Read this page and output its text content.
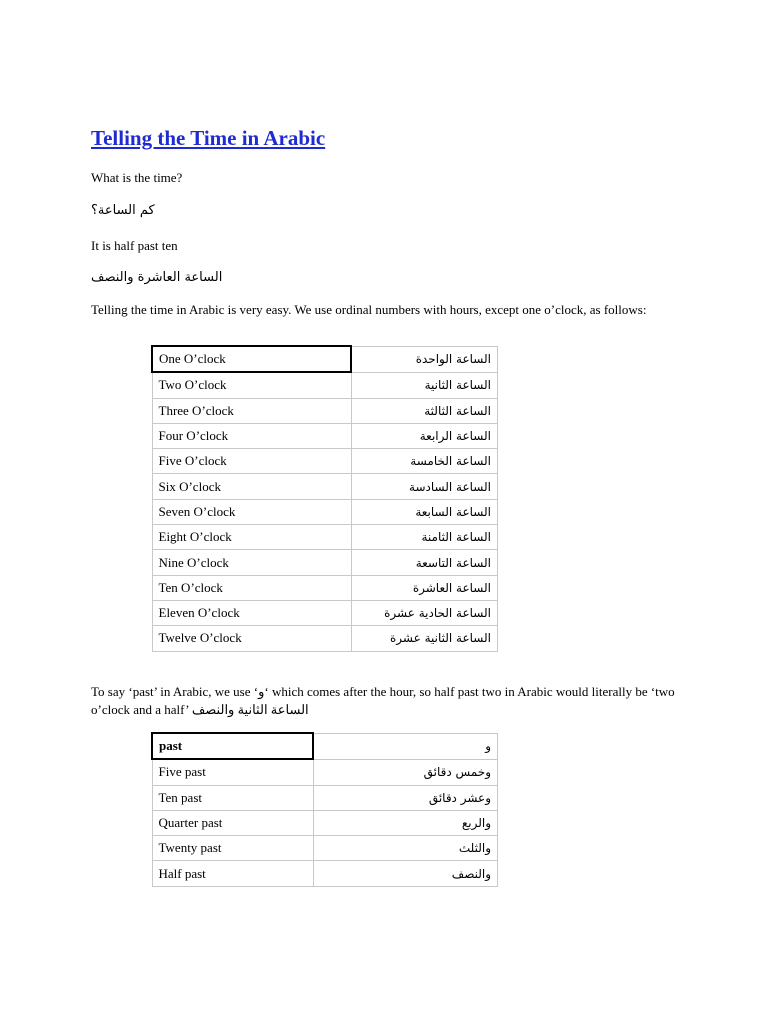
Telling the Time in Arabic

What is the time?

كم الساعة؟

It is half past ten

الساعة العاشرة والنصف

Telling the time in Arabic is very easy. We use ordinal numbers with hours, except one o’clock, as follows:

One O’clock	الساعة الواحدة
Two O’clock	الساعة الثانية
Three O’clock	الساعة الثالثة
Four O’clock	الساعة الرابعة
Five O’clock	الساعة الخامسة
Six O’clock	الساعة السادسة
Seven O’clock	الساعة السابعة
Eight O’clock	الساعة الثامنة
Nine O’clock	الساعة التاسعة
Ten O’clock	الساعة العاشرة
Eleven O’clock	الساعة الحادية عشرة
Twelve O’clock	الساعة الثانية عشرة

To say ‘past’ in Arabic, we use ‘و‘ which comes after the hour, so half past two in Arabic would literally be ‘two o’clock and a half’ الساعة الثانية والنصف

past	و
Five past	وخمس دقائق
Ten past	وعشر دقائق
Quarter past	والربع
Twenty past	والثلث
Half past	والنصف
